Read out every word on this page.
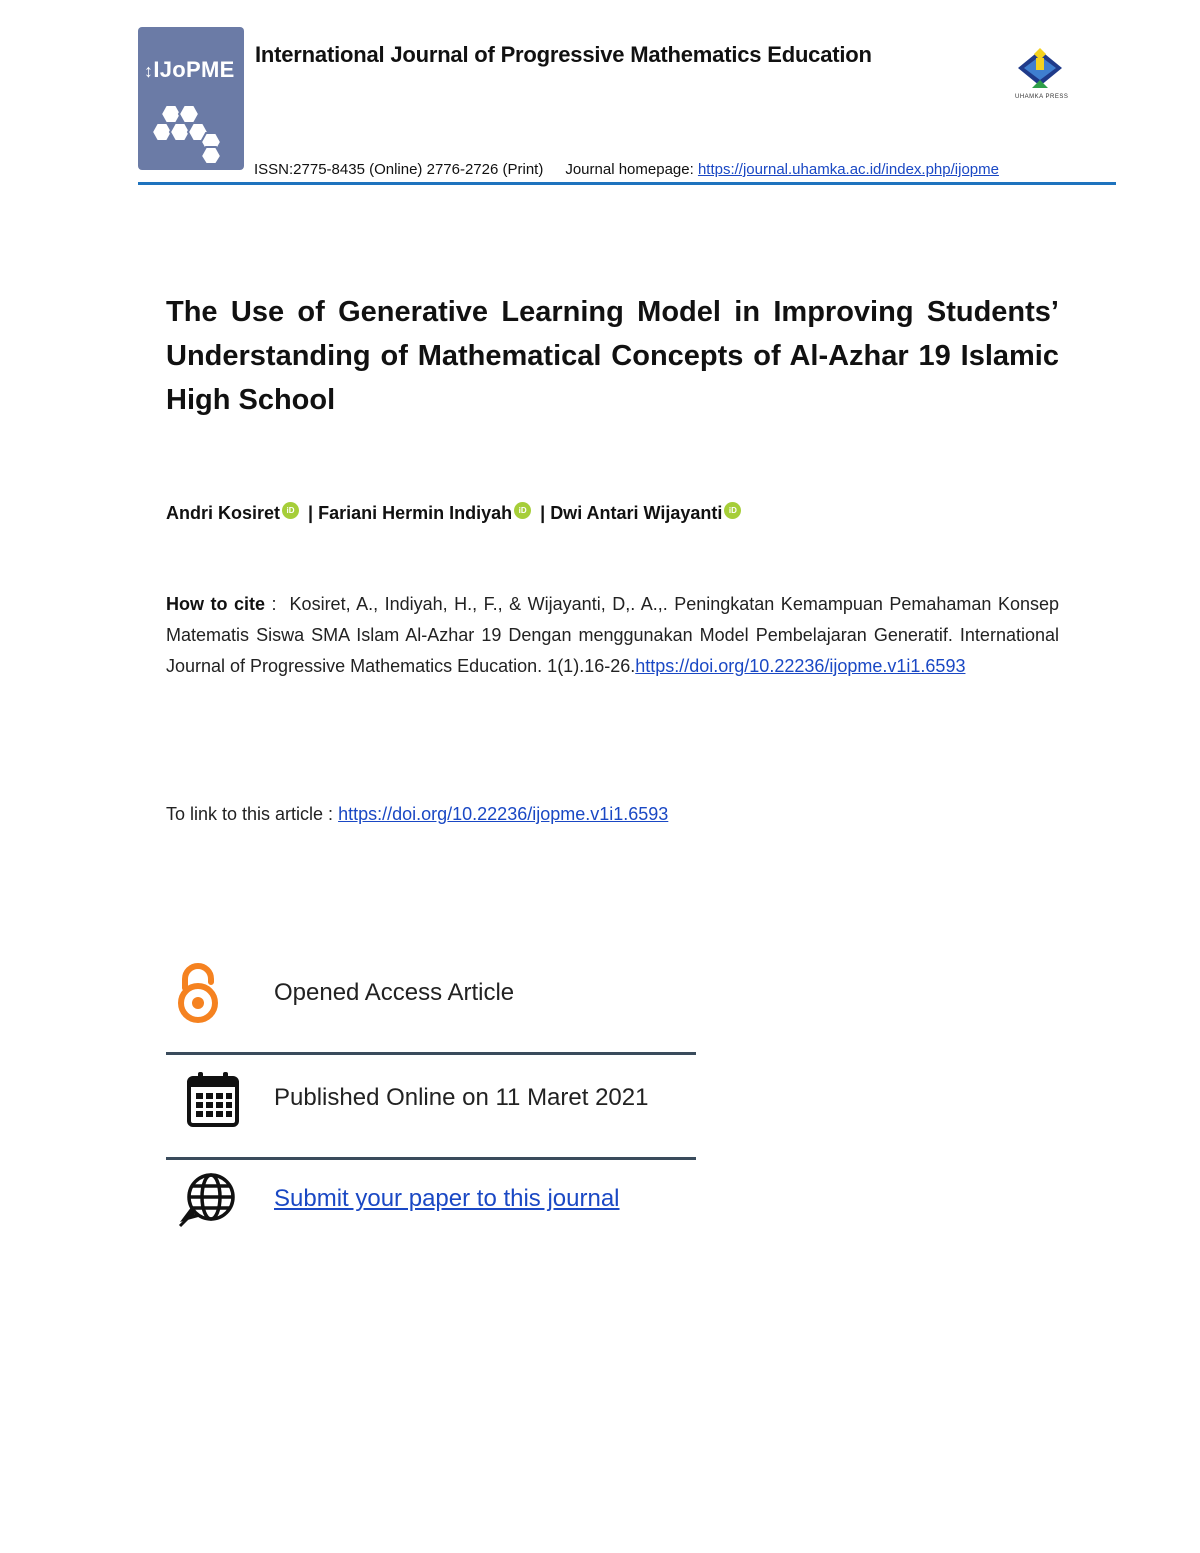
↕IJoPME
International Journal of Progressive Mathematics Education
UHAMKA PRESS
ISSN:2775-8435 (Online) 2776-2726 (Print) Journal homepage: https://journal.uhamka.ac.id/index.php/ijopme
The Use of Generative Learning Model in Improving Students’ Understanding of Mathematical Concepts of Al-Azhar 19 Islamic High School
Andri Kosiret iD | Fariani Hermin Indiyah iD | Dwi Antari Wijayanti iD
How to cite :  Kosiret, A., Indiyah, H., F., & Wijayanti, D,. A.,. Peningkatan Kemampuan Pemahaman Konsep Matematis Siswa SMA Islam Al-Azhar 19 Dengan menggunakan Model Pembelajaran Generatif. International Journal of Progressive Mathematics Education. 1(1).16-26.https://doi.org/10.22236/ijopme.v1i1.6593
To link to this article : https://doi.org/10.22236/ijopme.v1i1.6593
Opened Access Article
Published Online on 11 Maret 2021
Submit your paper to this journal
